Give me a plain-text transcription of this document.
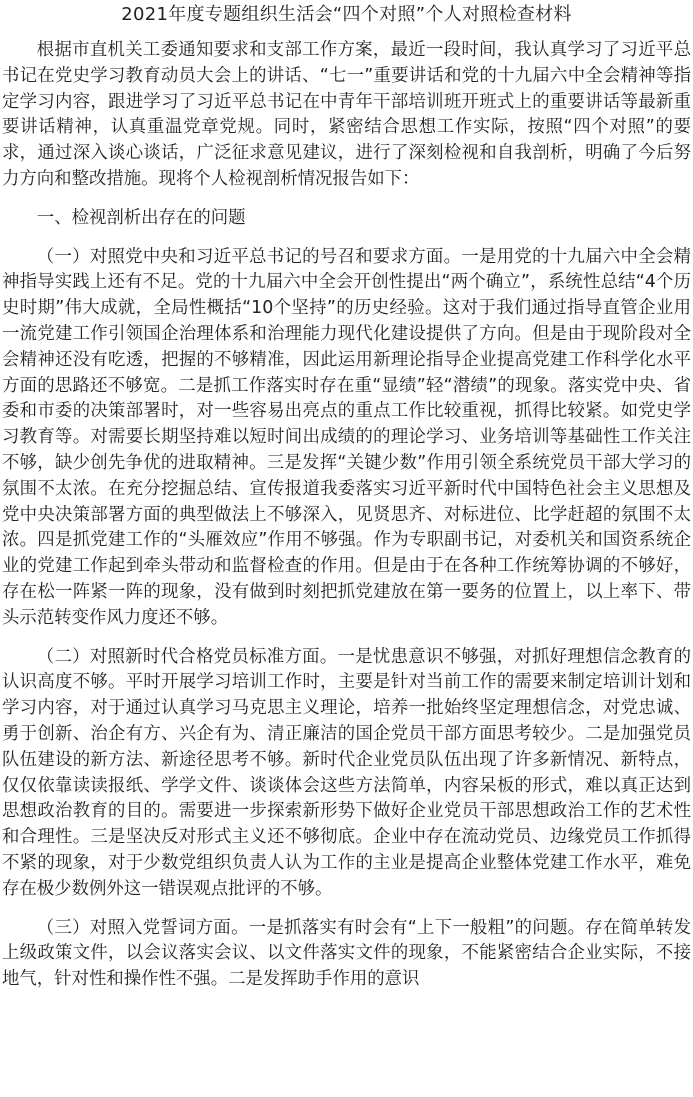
2021年度专题组织生活会“四个对照”个人对照检查材料

根据市直机关工委通知要求和支部工作方案，最近一段时间，我认真学习了习近平总书记在党史学习教育动员大会上的讲话、“七一”重要讲话和党的十九届六中全会精神等指定学习内容，跟进学习了习近平总书记在中青年干部培训班开班式上的重要讲话等最新重要讲话精神，认真重温党章党规。同时，紧密结合思想工作实际，按照“四个对照”的要求，通过深入谈心谈话，广泛征求意见建议，进行了深刻检视和自我剖析，明确了今后努力方向和整改措施。现将个人检视剖析情况报告如下：

一、检视剖析出存在的问题

（一）对照党中央和习近平总书记的号召和要求方面。一是用党的十九届六中全会精神指导实践上还有不足。党的十九届六中全会开创性提出“两个确立”，系统性总结“4个历史时期”伟大成就，全局性概括“10个坚持”的历史经验。这对于我们通过指导直管企业用一流党建工作引领国企治理体系和治理能力现代化建设提供了方向。但是由于现阶段对全会精神还没有吃透，把握的不够精准，因此运用新理论指导企业提高党建工作科学化水平方面的思路还不够宽。二是抓工作落实时存在重“显绩”轻“潜绩”的现象。落实党中央、省委和市委的决策部署时，对一些容易出亮点的重点工作比较重视，抓得比较紧。如党史学习教育等。对需要长期坚持难以短时间出成绩的的理论学习、业务培训等基础性工作关注不够，缺少创先争优的进取精神。三是发挥“关键少数”作用引领全系统党员干部大学习的氛围不太浓。在充分挖掘总结、宣传报道我委落实习近平新时代中国特色社会主义思想及党中央决策部署方面的典型做法上不够深入，见贤思齐、对标进位、比学赶超的氛围不太浓。四是抓党建工作的“头雁效应”作用不够强。作为专职副书记，对委机关和国资系统企业的党建工作起到牵头带动和监督检查的作用。但是由于在各种工作统筹协调的不够好，存在松一阵紧一阵的现象，没有做到时刻把抓党建放在第一要务的位置上，以上率下、带头示范转变作风力度还不够。

（二）对照新时代合格党员标准方面。一是忧患意识不够强，对抓好理想信念教育的认识高度不够。平时开展学习培训工作时，主要是针对当前工作的需要来制定培训计划和学习内容，对于通过认真学习马克思主义理论，培养一批始终坚定理想信念，对党忠诚、勇于创新、治企有方、兴企有为、清正廉洁的国企党员干部方面思考较少。二是加强党员队伍建设的新方法、新途径思考不够。新时代企业党员队伍出现了许多新情况、新特点，仅仅依靠读读报纸、学学文件、谈谈体会这些方法简单，内容呆板的形式，难以真正达到思想政治教育的目的。需要进一步探索新形势下做好企业党员干部思想政治工作的艺术性和合理性。三是坚决反对形式主义还不够彻底。企业中存在流动党员、边缘党员工作抓得不紧的现象，对于少数党组织负责人认为工作的主业是提高企业整体党建工作水平，难免存在极少数例外这一错误观点批评的不够。

（三）对照入党誓词方面。一是抓落实有时会有“上下一般粗”的问题。存在简单转发上级政策文件，以会议落实会议、以文件落实文件的现象，不能紧密结合企业实际，不接地气，针对性和操作性不强。二是发挥助手作用的意识
